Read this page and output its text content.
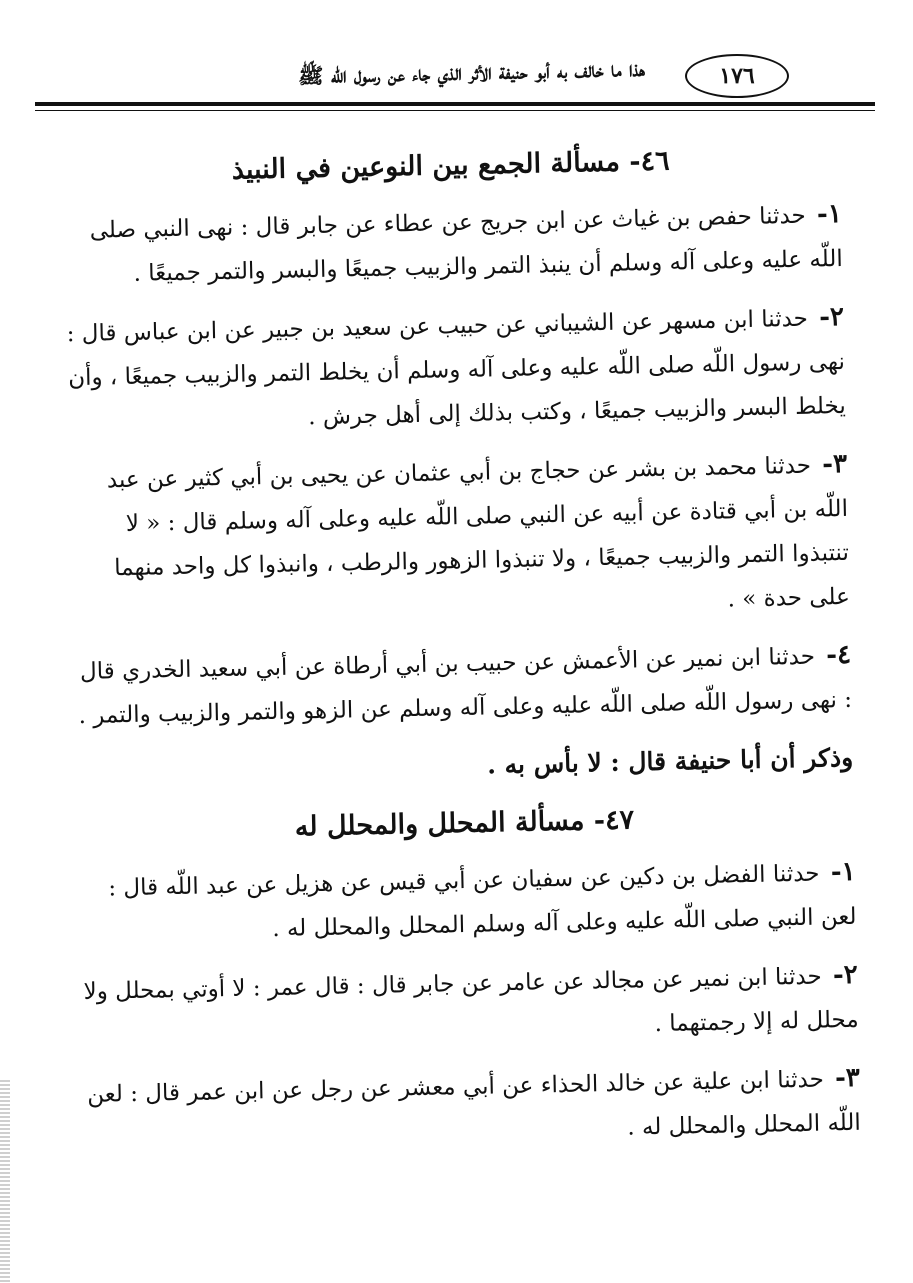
هذا ما خالف به أبو حنيفة الأثر الذي جاء عن رسول الله ﷺ	١٧٦
٤٦- مسألة الجمع بين النوعين في النبيذ

١- حدثنا حفص بن غياث عن ابن جريج عن عطاء عن جابر قال : نهى النبي صلى اللّه عليه وعلى آله وسلم أن ينبذ التمر والزبيب جميعًا والبسر والتمر جميعًا .

٢- حدثنا ابن مسهر عن الشيباني عن حبيب عن سعيد بن جبير عن ابن عباس قال : نهى رسول اللّه صلى اللّه عليه وعلى آله وسلم أن يخلط التمر والزبيب جميعًا ، وأن يخلط البسر والزبيب جميعًا ، وكتب بذلك إلى أهل جرش .

٣- حدثنا محمد بن بشر عن حجاج بن أبي عثمان عن يحيى بن أبي كثير عن عبد اللّه بن أبي قتادة عن أبيه عن النبي صلى اللّه عليه وعلى آله وسلم قال : « لا تنتبذوا التمر والزبيب جميعًا ، ولا تنبذوا الزهور والرطب ، وانبذوا كل واحد منهما على حدة » .

٤- حدثنا ابن نمير عن الأعمش عن حبيب بن أبي أرطاة عن أبي سعيد الخدري قال : نهى رسول اللّه صلى اللّه عليه وعلى آله وسلم عن الزهو والتمر والزبيب والتمر .

وذكر أن أبا حنيفة قال : لا بأس به .

٤٧- مسألة المحلل والمحلل له

١- حدثنا الفضل بن دكين عن سفيان عن أبي قيس عن هزيل عن عبد اللّه قال : لعن النبي صلى اللّه عليه وعلى آله وسلم المحلل والمحلل له .

٢- حدثنا ابن نمير عن مجالد عن عامر عن جابر قال : قال عمر : لا أوتي بمحلل ولا محلل له إلا رجمتهما .

٣- حدثنا ابن علية عن خالد الحذاء عن أبي معشر عن رجل عن ابن عمر قال : لعن اللّه المحلل والمحلل له .
